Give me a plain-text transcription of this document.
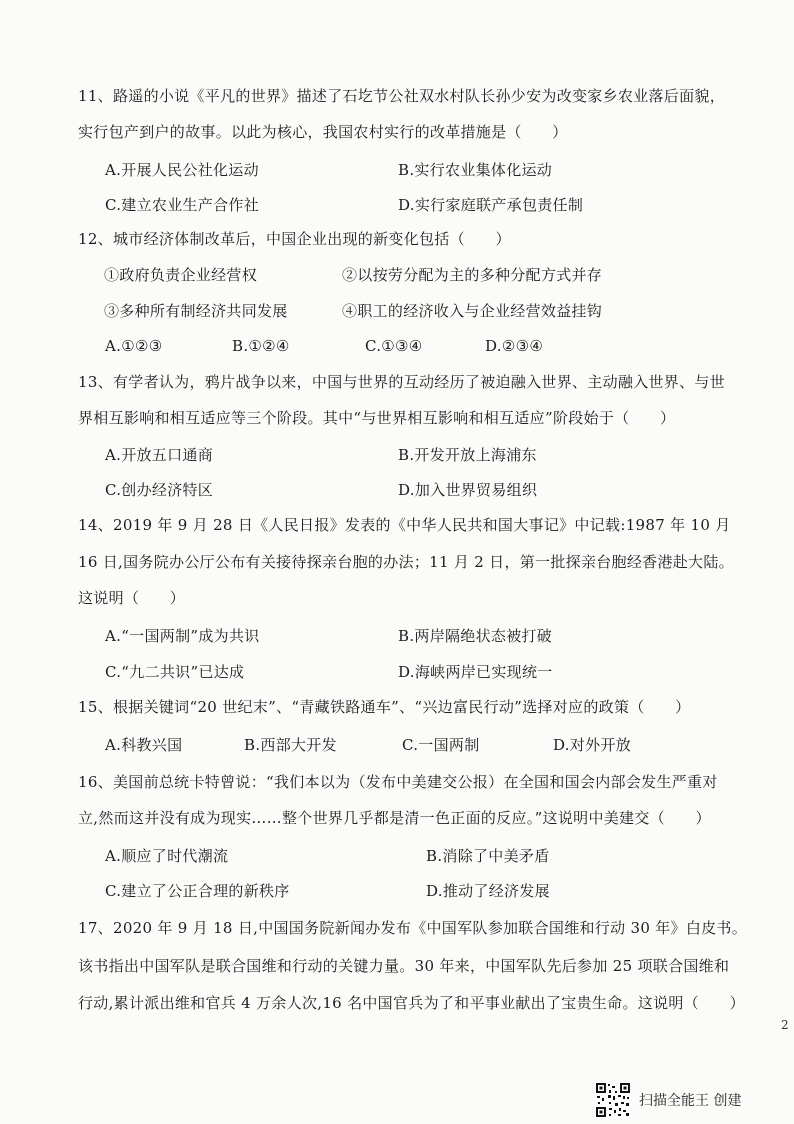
11、路遥的小说《平凡的世界》描述了石圪节公社双水村队长孙少安为改变家乡农业落后面貌，
实行包产到户的故事。以此为核心，我国农村实行的改革措施是（　　）
A.开展人民公社化运动	B.实行农业集体化运动
C.建立农业生产合作社	D.实行家庭联产承包责任制
12、城市经济体制改革后，中国企业出现的新变化包括（　　）
①政府负责企业经营权	②以按劳分配为主的多种分配方式并存
③多种所有制经济共同发展	④职工的经济收入与企业经营效益挂钩
A.①②③	B.①②④	C.①③④	D.②③④
13、有学者认为，鸦片战争以来，中国与世界的互动经历了被迫融入世界、主动融入世界、与世
界相互影响和相互适应等三个阶段。其中“与世界相互影响和相互适应”阶段始于（　　）
A.开放五口通商	B.开发开放上海浦东
C.创办经济特区	D.加入世界贸易组织
14、2019 年 9 月 28 日《人民日报》发表的《中华人民共和国大事记》中记载:1987 年 10 月
16 日,国务院办公厅公布有关接待探亲台胞的办法；11 月 2 日，第一批探亲台胞经香港赴大陆。
这说明（　　）
A.“一国两制”成为共识	B.两岸隔绝状态被打破
C.“九二共识”已达成	D.海峡两岸已实现统一
15、根据关键词“20 世纪末”、“青藏铁路通车”、“兴边富民行动”选择对应的政策（　　）
A.科教兴国	B.西部大开发	C.一国两制	D.对外开放
16、美国前总统卡特曾说：“我们本以为（发布中美建交公报）在全国和国会内部会发生严重对
立,然而这并没有成为现实……整个世界几乎都是清一色正面的反应。”这说明中美建交（　　）
A.顺应了时代潮流	B.消除了中美矛盾
C.建立了公正合理的新秩序	D.推动了经济发展
17、2020 年 9 月 18 日,中国国务院新闻办发布《中国军队参加联合国维和行动 30 年》白皮书。
该书指出中国军队是联合国维和行动的关键力量。30 年来，中国军队先后参加 25 项联合国维和
行动,累计派出维和官兵 4 万余人次,16 名中国官兵为了和平事业献出了宝贵生命。这说明（　　）
2
扫描全能王 创建
